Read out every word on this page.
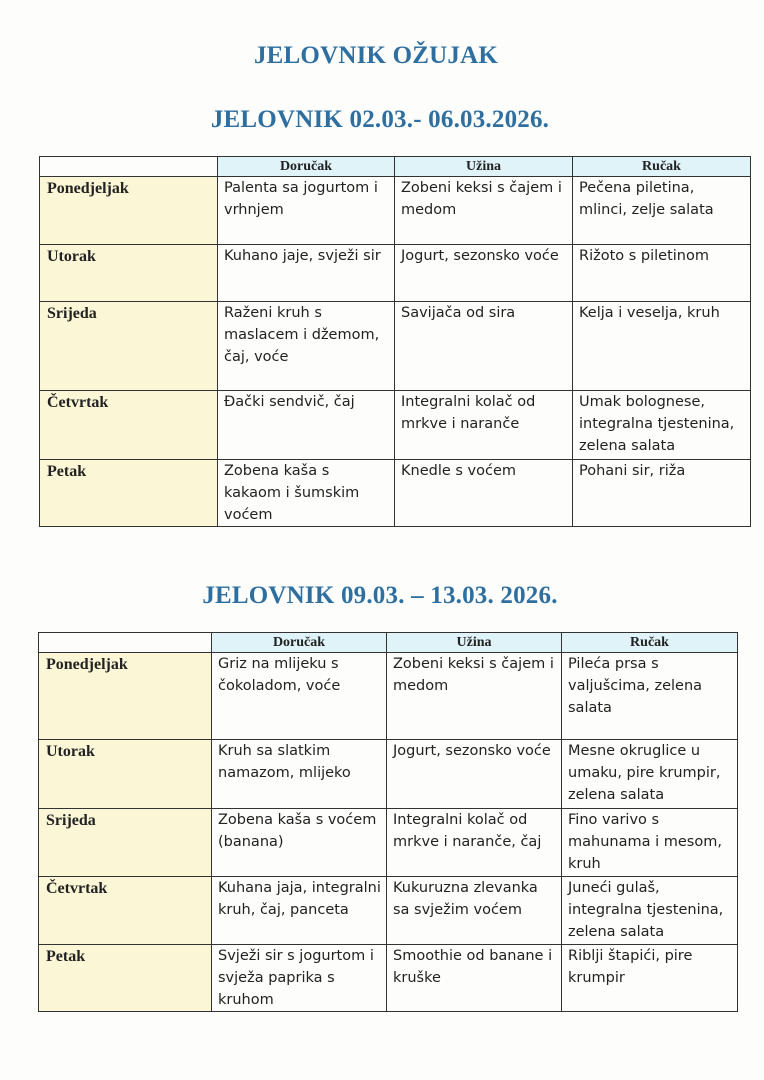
JELOVNIK OŽUJAK
JELOVNIK 02.03.- 06.03.2026.
	Doručak	Užina	Ručak
Ponedjeljak	Palenta sa jogurtom i vrhnjem	Zobeni keksi s čajem i medom	Pečena piletina, mlinci, zelje salata
Utorak	Kuhano jaje, svježi sir	Jogurt, sezonsko voće	Rižoto s piletinom
Srijeda	Raženi kruh s maslacem i džemom, čaj, voće	Savijača od sira	Kelja i veselja, kruh
Četvrtak	Đački sendvič, čaj	Integralni kolač od mrkve i naranče	Umak bolognese, integralna tjestenina, zelena salata
Petak	Zobena kaša s kakaom i šumskim voćem	Knedle s voćem	Pohani sir, riža
JELOVNIK 09.03. – 13.03. 2026.
	Doručak	Užina	Ručak
Ponedjeljak	Griz na mlijeku s čokoladom, voće	Zobeni keksi s čajem i medom	Pileća prsa s valjušcima, zelena salata
Utorak	Kruh sa slatkim namazom, mlijeko	Jogurt, sezonsko voće	Mesne okruglice u umaku, pire krumpir, zelena salata
Srijeda	Zobena kaša s voćem (banana)	Integralni kolač od mrkve i naranče, čaj	Fino varivo s mahunama i mesom, kruh
Četvrtak	Kuhana jaja, integralni kruh, čaj, panceta	Kukuruzna zlevanka sa svježim voćem	Juneći gulaš, integralna tjestenina, zelena salata
Petak	Svježi sir s jogurtom i svježa paprika s kruhom	Smoothie od banane i kruške	Riblji štapići, pire krumpir
